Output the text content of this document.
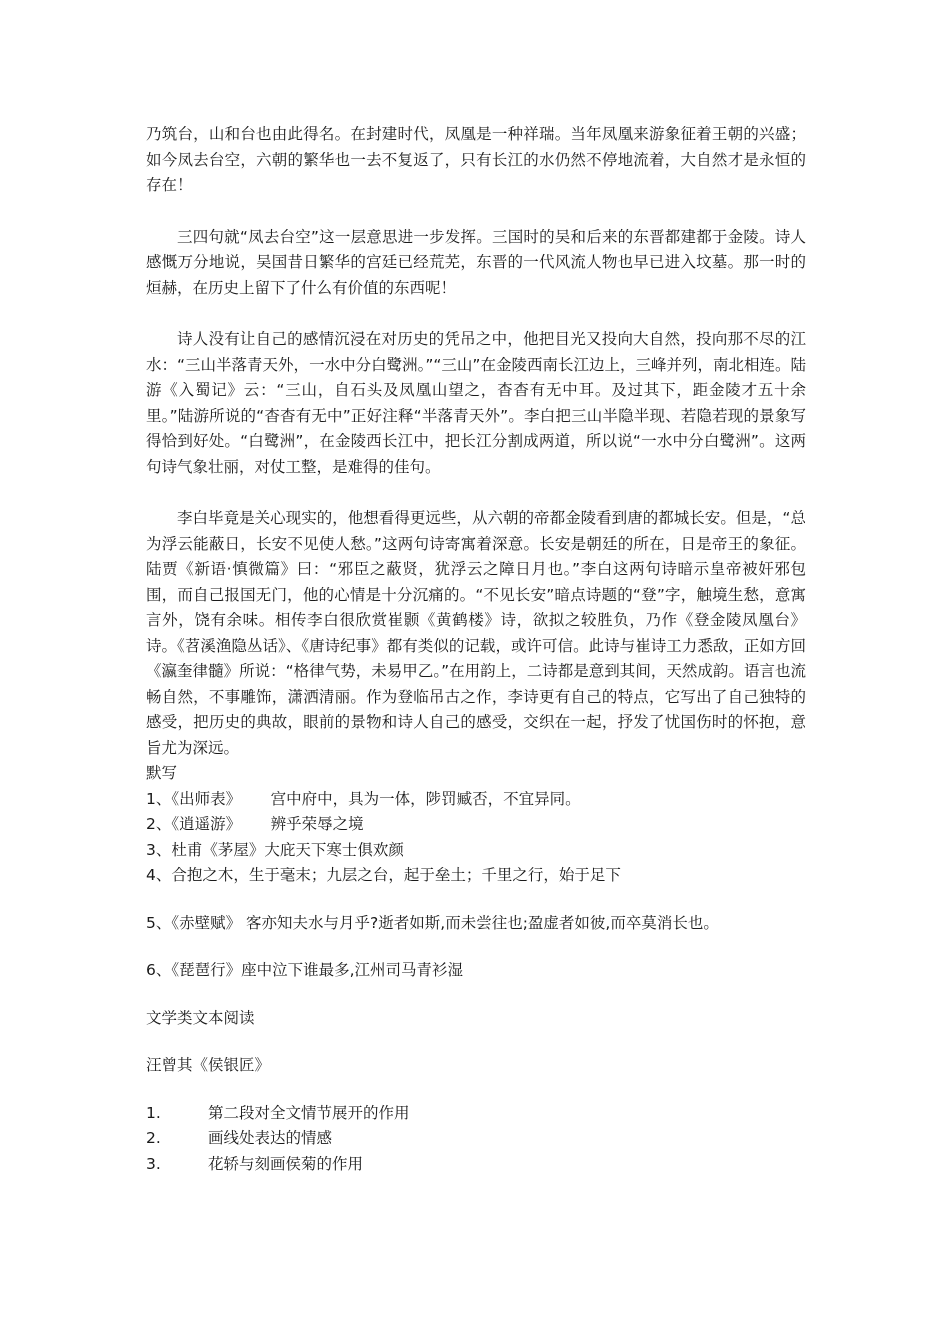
乃筑台，山和台也由此得名。在封建时代，凤凰是一种祥瑞。当年凤凰来游象征着王朝的兴盛；如今凤去台空，六朝的繁华也一去不复返了，只有长江的水仍然不停地流着，大自然才是永恒的存在！

三四句就“凤去台空”这一层意思进一步发挥。三国时的吴和后来的东晋都建都于金陵。诗人感慨万分地说，吴国昔日繁华的宫廷已经荒芜，东晋的一代风流人物也早已进入坟墓。那一时的烜赫，在历史上留下了什么有价值的东西呢！

诗人没有让自己的感情沉浸在对历史的凭吊之中，他把目光又投向大自然，投向那不尽的江水：“三山半落青天外，一水中分白鹭洲。”“三山”在金陵西南长江边上，三峰并列，南北相连。陆游《入蜀记》云：“三山，自石头及凤凰山望之，杳杳有无中耳。及过其下，距金陵才五十余里。”陆游所说的“杳杳有无中”正好注释“半落青天外”。李白把三山半隐半现、若隐若现的景象写得恰到好处。“白鹭洲”，在金陵西长江中，把长江分割成两道，所以说“一水中分白鹭洲”。这两句诗气象壮丽，对仗工整，是难得的佳句。

李白毕竟是关心现实的，他想看得更远些，从六朝的帝都金陵看到唐的都城长安。但是，“总为浮云能蔽日，长安不见使人愁。”这两句诗寄寓着深意。长安是朝廷的所在，日是帝王的象征。陆贾《新语·慎微篇》曰：“邪臣之蔽贤，犹浮云之障日月也。”李白这两句诗暗示皇帝被奸邪包围，而自己报国无门，他的心情是十分沉痛的。“不见长安”暗点诗题的“登”字，触境生愁，意寓言外，饶有余味。相传李白很欣赏崔颢《黄鹤楼》诗，欲拟之较胜负，乃作《登金陵凤凰台》诗。《苕溪渔隐丛话》、《唐诗纪事》都有类似的记载，或许可信。此诗与崔诗工力悉敌，正如方回《瀛奎律髓》所说：“格律气势，未易甲乙。”在用韵上，二诗都是意到其间，天然成韵。语言也流畅自然，不事雕饰，潇洒清丽。作为登临吊古之作，李诗更有自己的特点，它写出了自己独特的感受，把历史的典故，眼前的景物和诗人自己的感受，交织在一起，抒发了忧国伤时的怀抱，意旨尤为深远。

默写

1、《出师表》      宫中府中，具为一体，陟罚臧否，不宜异同。

2、《逍遥游》      辨乎荣辱之境

3、杜甫《茅屋》大庇天下寒士俱欢颜

4、合抱之木，生于毫末；九层之台，起于垒土；千里之行，始于足下

5、《赤壁赋》 客亦知夫水与月乎?逝者如斯,而未尝往也;盈虚者如彼,而卒莫消长也。

6、《琵琶行》座中泣下谁最多,江州司马青衫湿

文学类文本阅读

汪曾其《侯银匠》

1.	第二段对全文情节展开的作用
2.	画线处表达的情感
3.	花轿与刻画侯菊的作用
